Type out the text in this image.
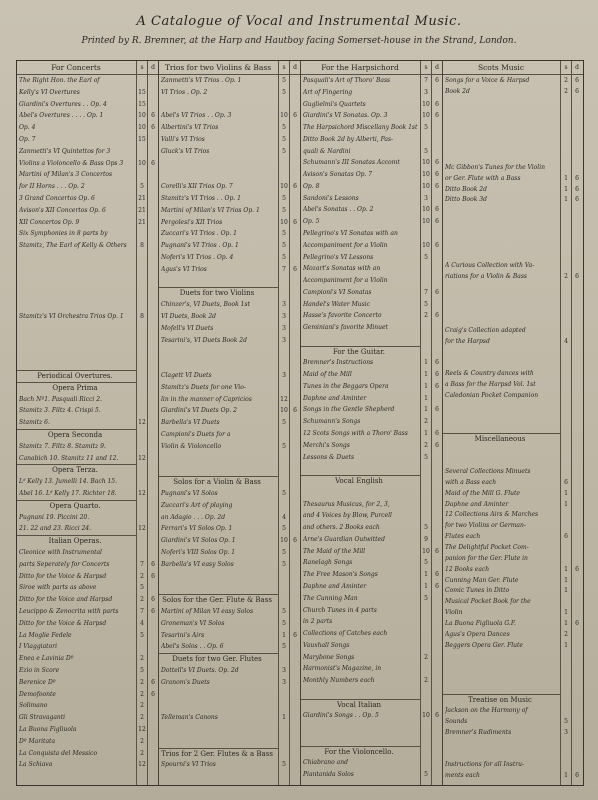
A Catalogue of Vocal and Instrumental Music.
Printed by R. Bremner, at the Harp and Hautboy facing Somerset-house in the Strand, London.
For Concerts	s	d
The Right Hon. the Earl of
Kelly's VI Overtures	15
Giardini's Overtures . . Op. 4	15
Abel's Overtures . . . . Op. 1	10 6
Op. 4	10 6
Op. 7	15
Zanmetti's VI Quintettos for 3
Violins a Violoncello & Bass Ops 3	10 6
Martini of Milan's 3 Concertos
for II Horns . . . Op. 2	5
3 Grand Concertos Op. 6	21
Avison's XII Concertos Op. 6	21
XII Concertos Op. 9	21
Six Symphonies in 8 parts by
Stamitz, The Earl of Kelly & Others	8
Stamitz's VI Orchestra Trios Op. 1	8
Periodical Overtures.
Opera Prima
Bach Nº1. Pasquali Ricci 2.
Stamitz 3. Filtz 4. Crispi 5.
Stamitz 6.	12
Opera Seconda
Stamitz 7. Filtz 8. Stamitz 9.
Canabich 10. Stamitz 11 and 12.	12
Opera Terza.
Lᵈ Kelly 13. Jumelli 14. Bach 15.
Abel 16. Lᵈ Kelly 17. Richter 18.	12
Opera Quarto.
Pugnani 19. Piccini 20.
21. 22 and 23. Ricci 24.	12
Italian Operas.
Cleonice with Instrumental
parts Seperately for Concerts	7	6
Ditto for the Voice & Harpsd	2	6
Siroe with parts as above	5
Ditto for the Voice and Harpsd	2	6
Leucippo & Zenocrita with parts	7	6
Ditto for the Voice & Harpsd	4
La Moglie Fedele	5
I Viaggiatori
Enea e Lavinia Dº	2
Ezio in Score	5
Berenice Dº	2	6
Demofoonte	2	6
Solimano	2
Gli Stravaganti	2
La Buona Figliuola	12
Dº Maritata	2
La Conquista del Messico	2
La Schiava	12
Trios for two Violins & Bass	s	d
Zanmetti's VI Trios . Op. 1	5
VI Trios . Op. 2	5
Abel's VI Trios . . Op. 3	10 6
Albertini's VI Trios	5
Valli's VI Trios	5
Gluck's VI Trios	5
Corelli's XII Trios Op. 7	10 6
Stamitz's VI Trios . . Op. 1	5
Martini of Milan's VI Trios Op. 1	5
Pergolesi's XII Trios	10 6
Zuccari's VI Trios . Op. 1	5
Pugnani's VI Trios . Op. 1	5
Noferi's VI Trios . Op. 4	5
Agus's VI Trios	7	6
Duets for two Violins
Chinzer's, VI Duets, Book 1st	3
VI Duets, Book 2d	3
Mofell's VI Duets	3
Tesarini's, VI Duets Book 2d	3
Clagett VI Duets	3
Stamitz's Duets for one Vio-
lin in the manner of Capricios	12
Giardini's VI Duets Op. 2	10 6
Barbella's VI Duets	5
Campioni's Duets for a
Violin & Violoncello	5
Solos for a Violin & Bass
Pugnani's VI Solos	5
Zuccari's Art of playing
an Adagio . . . Op. 2d	4
Ferrari's VI Solos Op. 1	5
Giardini's VI Solos Op. 1	10 6
Noferi's VIII Solos Op. 1	5
Barbella's VI easy Solos	5
Solos for the Ger. Flute & Bass
Martini of Milan VI easy Solos	5
Groneman's VI Solos	5
Tesarini's Airs	1	6
Abel's Solos . . Op. 6	5
Duets for two Ger. Flutes
Dottell's VI Duets. Op. 2d	3
Granom's Duets	3
Telleman's Canons	1
Trios for 2 Ger. Flutes & a Bass
Spourni's VI Trios	5
For the Harpsichord	s	d
Pasquali's Art of Thoro' Bass	7	6
Art of Fingering	3
Guglielmi's Quartets	10 6
Giardini's VI Sonatas. Op. 3	10 6
The Harpsichord Miscellany Book 1st	5
Ditto Book 2d by Alberti, Pas-
quali & Nardini	5
Schumann's III Sonatas Accomt	10 6
Avison's Sonatas Op. 7	10 6
Op. 8	10 6
Sandoni's Lessons	3
Abel's Sonatas . . Op. 2	10 6
Op. 5	10 6
Pellegrino's VI Sonatas with an
Accompaniment for a Violin	10 6
Pellegrino's VI Lessons	5
Mozart's Sonatas with an
Accompaniment for a Violin
Campioni's VI Sonatas	7	6
Handel's Water Music	5
Hasse's favorite Concerto	2	6
Geminiani's favorite Minuet
For the Guitar.
Bremner's Instructions	1	6
Maid of the Mill	1	6
Tunes in the Beggars Opera	1	6
Daphne and Aminter	1
Songs in the Gentle Shepherd	1	6
Schumann's Songs	2
12 Scots Songs with a Thoro' Bass	1	6
Merchi's Songs	2	6
Lessons & Duets	5
Vocal English
Thesaurus Musicus, for 2, 3,
and 4 Voices by Blow, Purcell
and others. 2 Books each	5
Arne's Guardian Outwitted	9
The Maid of the Mill	10 6
Ranelagh Songs	5
The Free Mason's Songs	1	6
Daphne and Aminter	1	6
The Cunning Man	5
Church Tunes in 4 parts
in 2 parts
Collections of Catches each
Vauxhall Songs
Marybone Songs	2
Harmonist's Magazine, in
Monthly Numbers each	2
Vocal Italian
Giardini's Songs . . Op. 5	10 6
For the Violoncello.
Chiabrano and
Piantanida Solos	5
Scots Music	s	d
Songs for a Voice & Harpsd	2	6
Book 2d	2	6
Mc Gibbon's Tunes for the Violin
or Ger. Flute with a Bass	1	6
Ditto Book 2d	1	6
Ditto Book 3d	1	6
A Curious Collection with Va-
riations for a Violin & Bass	2	6
Craig's Collection adapted
for the Harpsd	4
Reels & Country dances with
a Bass for the Harpsd Vol. 1st
Caledonian Pocket Companion
Miscellaneous
Several Collections Minuets
with a Bass each	6
Maid of the Mill G. Flute	1
Daphne and Aminter	1
12 Collections Airs & Marches
for two Violins or German-
Flutes each	6
The Delightful Pocket Com-
panion for the Ger. Flute in
12 Books each	1	6
Cunning Man Ger. Flute	1
Comic Tunes in Ditto	1
Musical Pocket Book for the
Violin	1
La Buona Figliuola G.F.	1	6
Agus's Opera Dances	2
Beggers Opera Ger. Flute	1
Treatise on Music
Jackson on the Harmony of
Sounds	5
Bremner's Rudiments	3
Instructions for all Instru-
ments each	1	6
